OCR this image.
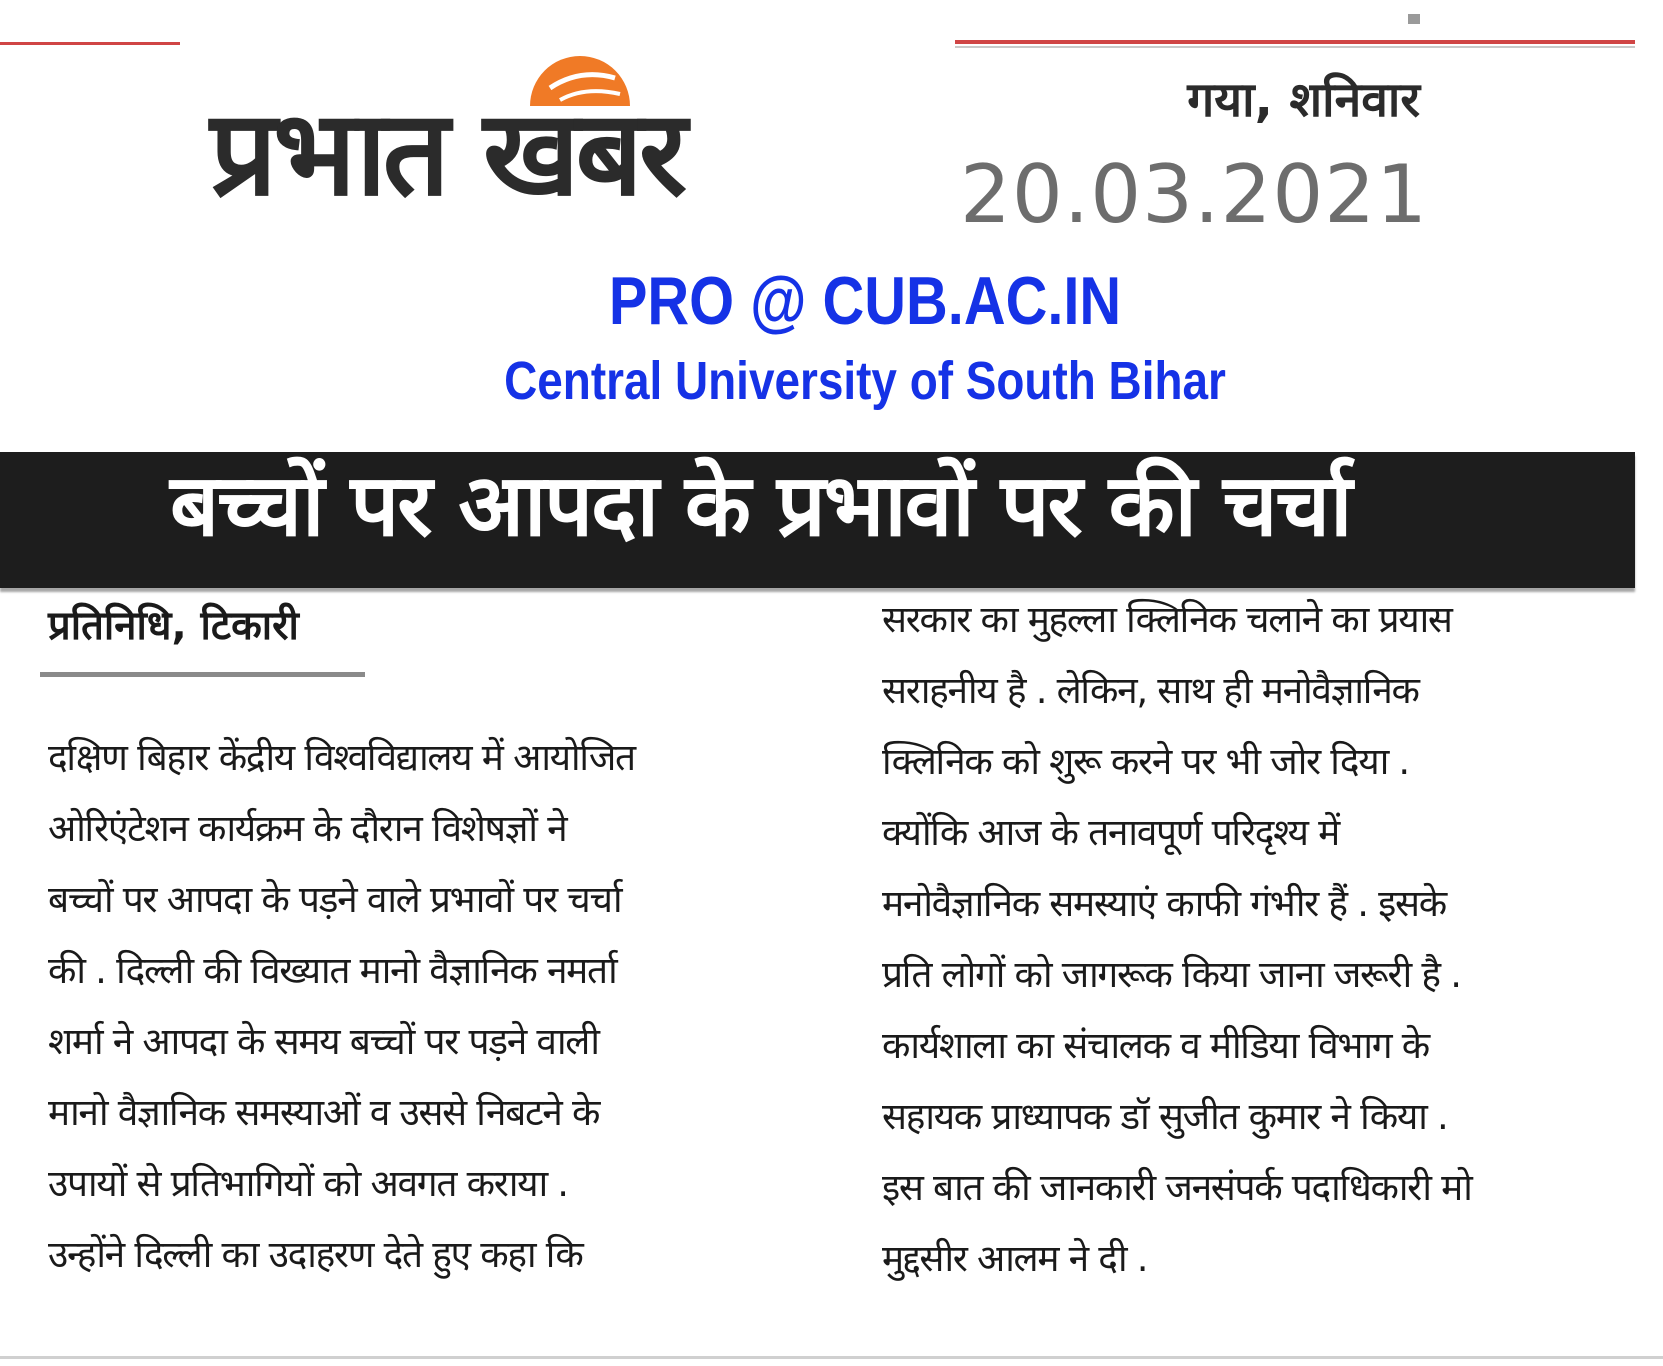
प्रभात खबर	गया, शनिवार
20.03.2021
PRO @ CUB.AC.IN
Central University of South Bihar
बच्चों पर आपदा के प्रभावों पर की चर्चा
प्रतिनिधि, टिकारी
दक्षिण बिहार केंद्रीय विश्वविद्यालय में आयोजित
ओरिएंटेशन कार्यक्रम के दौरान विशेषज्ञों ने
बच्चों पर आपदा के पड़ने वाले प्रभावों पर चर्चा
की . दिल्ली की विख्यात मानो वैज्ञानिक नमर्ता
शर्मा ने आपदा के समय बच्चों पर पड़ने वाली
मानो वैज्ञानिक समस्याओं व उससे निबटने के
उपायों से प्रतिभागियों को अवगत कराया .
उन्होंने दिल्ली का उदाहरण देते हुए कहा कि
सरकार का मुहल्ला क्लिनिक चलाने का प्रयास
सराहनीय है . लेकिन, साथ ही मनोवैज्ञानिक
क्लिनिक को शुरू करने पर भी जोर दिया .
क्योंकि आज के तनावपूर्ण परिदृश्य में
मनोवैज्ञानिक समस्याएं काफी गंभीर हैं . इसके
प्रति लोगों को जागरूक किया जाना जरूरी है .
कार्यशाला का संचालक व मीडिया विभाग के
सहायक प्राध्यापक डॉ सुजीत कुमार ने किया .
इस बात की जानकारी जनसंपर्क पदाधिकारी मो
मुद्दसीर आलम ने दी .
